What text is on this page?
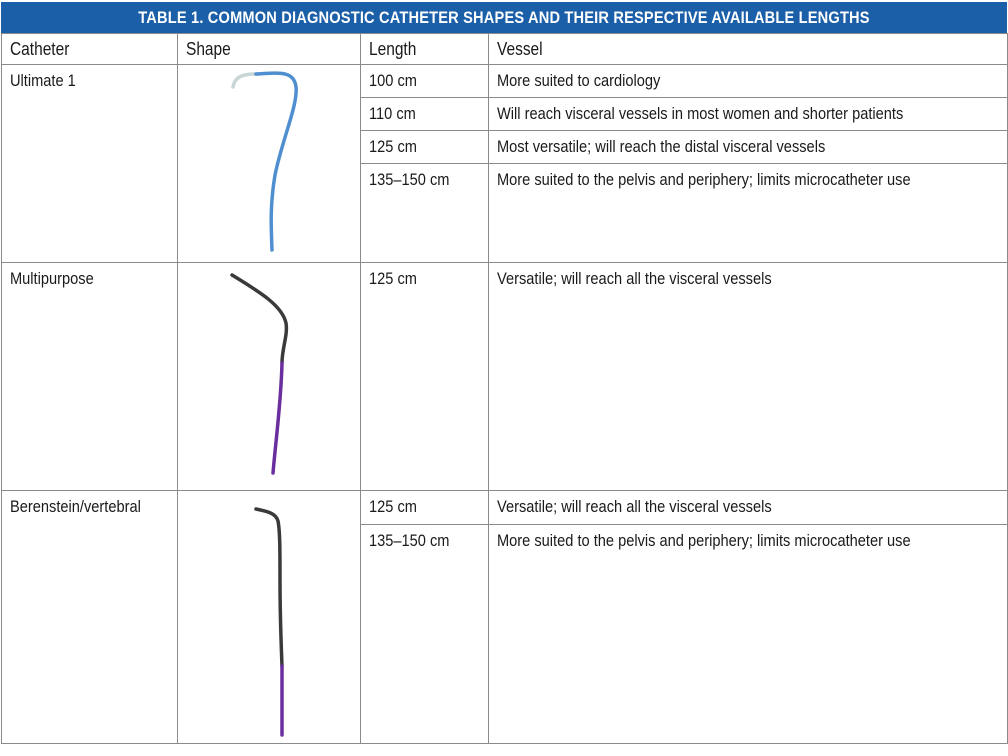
TABLE 1. COMMON DIAGNOSTIC CATHETER SHAPES AND THEIR RESPECTIVE AVAILABLE LENGTHS
Catheter	Shape	Length	Vessel
Ultimate 1		100 cm	More suited to cardiology
		110 cm	Will reach visceral vessels in most women and shorter patients
		125 cm	Most versatile; will reach the distal visceral vessels
		135–150 cm	More suited to the pelvis and periphery; limits microcatheter use
Multipurpose		125 cm	Versatile; will reach all the visceral vessels
Berenstein/vertebral		125 cm	Versatile; will reach all the visceral vessels
		135–150 cm	More suited to the pelvis and periphery; limits microcatheter use
